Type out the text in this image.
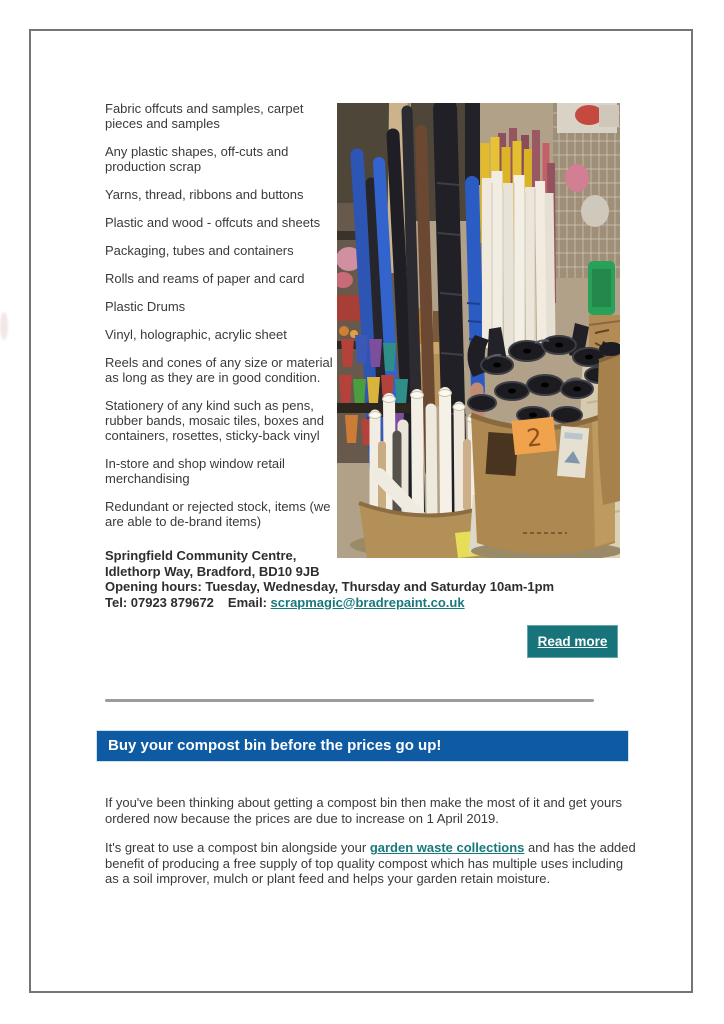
Fabric offcuts and samples, carpet pieces and samples

Any plastic shapes, off-cuts and production scrap

Yarns, thread, ribbons and buttons

Plastic and wood - offcuts and sheets

Packaging, tubes and containers

Rolls and reams of paper and card

Plastic Drums

Vinyl, holographic, acrylic sheet

Reels and cones of any size or material as long as they are in good condition.

Stationery of any kind such as pens, rubber bands, mosaic tiles, boxes and containers, rosettes, sticky-back vinyl

In-store and shop window retail merchandising

Redundant or rejected stock, items (we are able to de-brand items)

2
Springfield Community Centre,
Idlethorp Way, Bradford, BD10 9JB
Opening hours: Tuesday, Wednesday, Thursday and Saturday 10am-1pm
Tel: 07923 879672 Email: scrapmagic@bradrepaint.co.uk
Read more
Buy your compost bin before the prices go up!

If you've been thinking about getting a compost bin then make the most of it and get yours ordered now because the prices are due to increase on 1 April 2019.

It's great to use a compost bin alongside your garden waste collections and has the added benefit of producing a free supply of top quality compost which has multiple uses including as a soil improver, mulch or plant feed and helps your garden retain moisture.
